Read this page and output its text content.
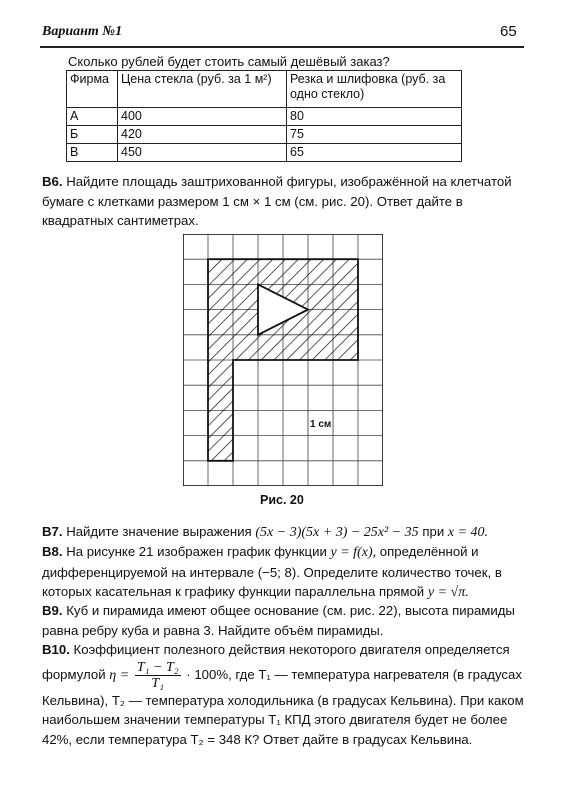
Вариант №1	65
Сколько рублей будет стоить самый дешёвый заказ?
Фирма	Цена стекла (руб. за 1 м²)	Резка и шлифовка (руб. за одно стекло)
А	400	80
Б	420	75
В	450	65
В6. Найдите площадь заштрихованной фигуры, изображённой на клетчатой бумаге с клетками размером 1 см × 1 см (см. рис. 20). Ответ дайте в квадратных сантиметрах.
1 см
Рис. 20
В7. Найдите значение выражения (5x − 3)(5x + 3) − 25x² − 35 при x = 40.
В8. На рисунке 21 изображен график функции y = f(x), определённой и дифференцируемой на интервале (−5; 8). Определите количество точек, в которых касательная к графику функции параллельна прямой y = √π.
В9. Куб и пирамида имеют общее основание (см. рис. 22), высота пирамиды равна ребру куба и равна 3. Найдите объём пирамиды.
В10. Коэффициент полезного действия некоторого двигателя определяется формулой $\eta = \frac{\text{T₁ − T₂}}{\text{T₁}} \cdot 100\%$, где T₁ — температура нагревателя (в градусах Кельвина), T₂ — температура холодильника (в градусах Кельвина). При каком наибольшем значении температуры T₁ КПД этого двигателя будет не более 42%, если температура T₂ = 348 К? Ответ дайте в градусах Кельвина.
